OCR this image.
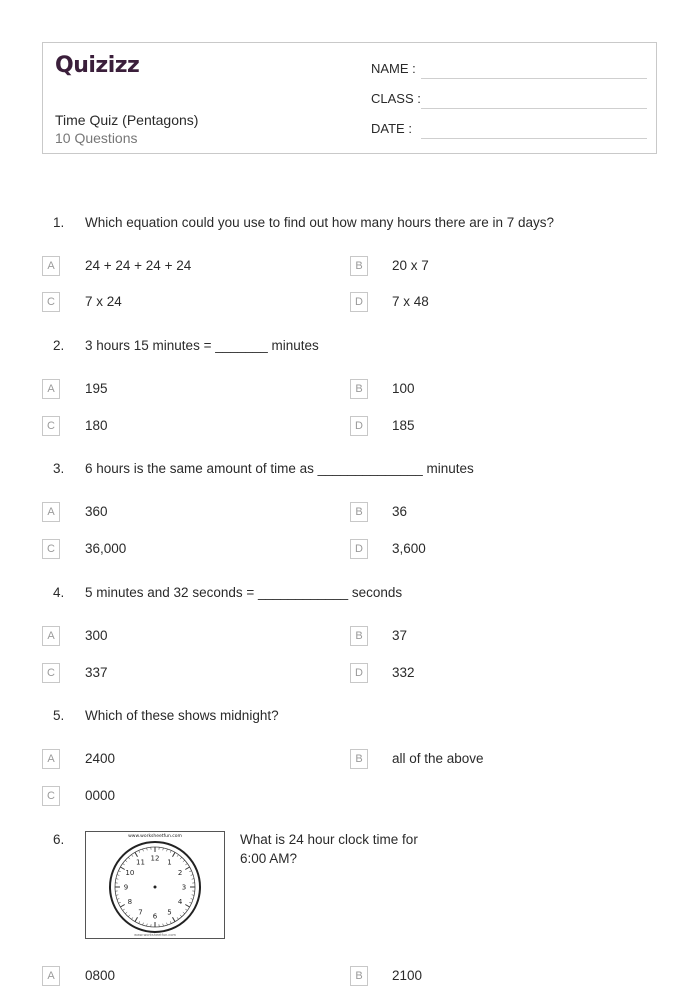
Quizizz
Time Quiz (Pentagons)
10 Questions
NAME :
CLASS :
DATE :
1. Which equation could you use to find out how many hours there are in 7 days?
A	24 + 24 + 24 + 24	B	20 x 7
C	7 x 24	D	7 x 48
2. 3 hours 15 minutes = _______ minutes
A	195	B	100
C	180	D	185
3. 6 hours is the same amount of time as ______________ minutes
A	360	B	36
C	36,000	D	3,600
4. 5 minutes and 32 seconds = ____________ seconds
A	300	B	37
C	337	D	332
5. Which of these shows midnight?
A	2400	B	all of the above
C	0000
6.	www.worksheetfun.com
12 1
2
3
4
5
6
7
8
9
10
11
www.worksheetfun.com
What is 24 hour clock time for
6:00 AM?
A	0800	B	2100
